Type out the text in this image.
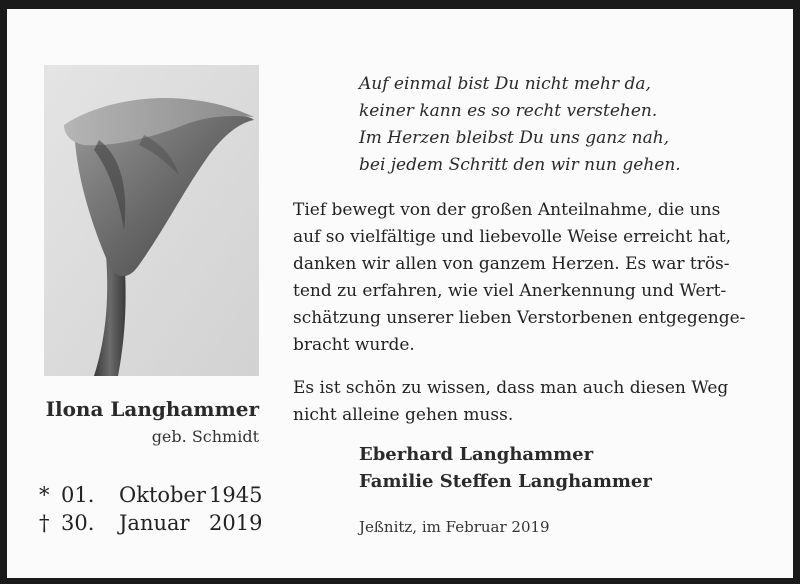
Ilona Langhammer
geb. Schmidt
* 01. Oktober 1945
† 30. Januar 2019
Auf einmal bist Du nicht mehr da,
keiner kann es so recht verstehen.
Im Herzen bleibst Du uns ganz nah,
bei jedem Schritt den wir nun gehen.
Tief bewegt von der großen Anteilnahme, die uns
auf so vielfältige und liebevolle Weise erreicht hat,
danken wir allen von ganzem Herzen. Es war trös-
tend zu erfahren, wie viel Anerkennung und Wert-
schätzung unserer lieben Verstorbenen entgegenge-
bracht wurde.
Es ist schön zu wissen, dass man auch diesen Weg
nicht alleine gehen muss.
Eberhard Langhammer
Familie Steffen Langhammer
Jeßnitz, im Februar 2019
